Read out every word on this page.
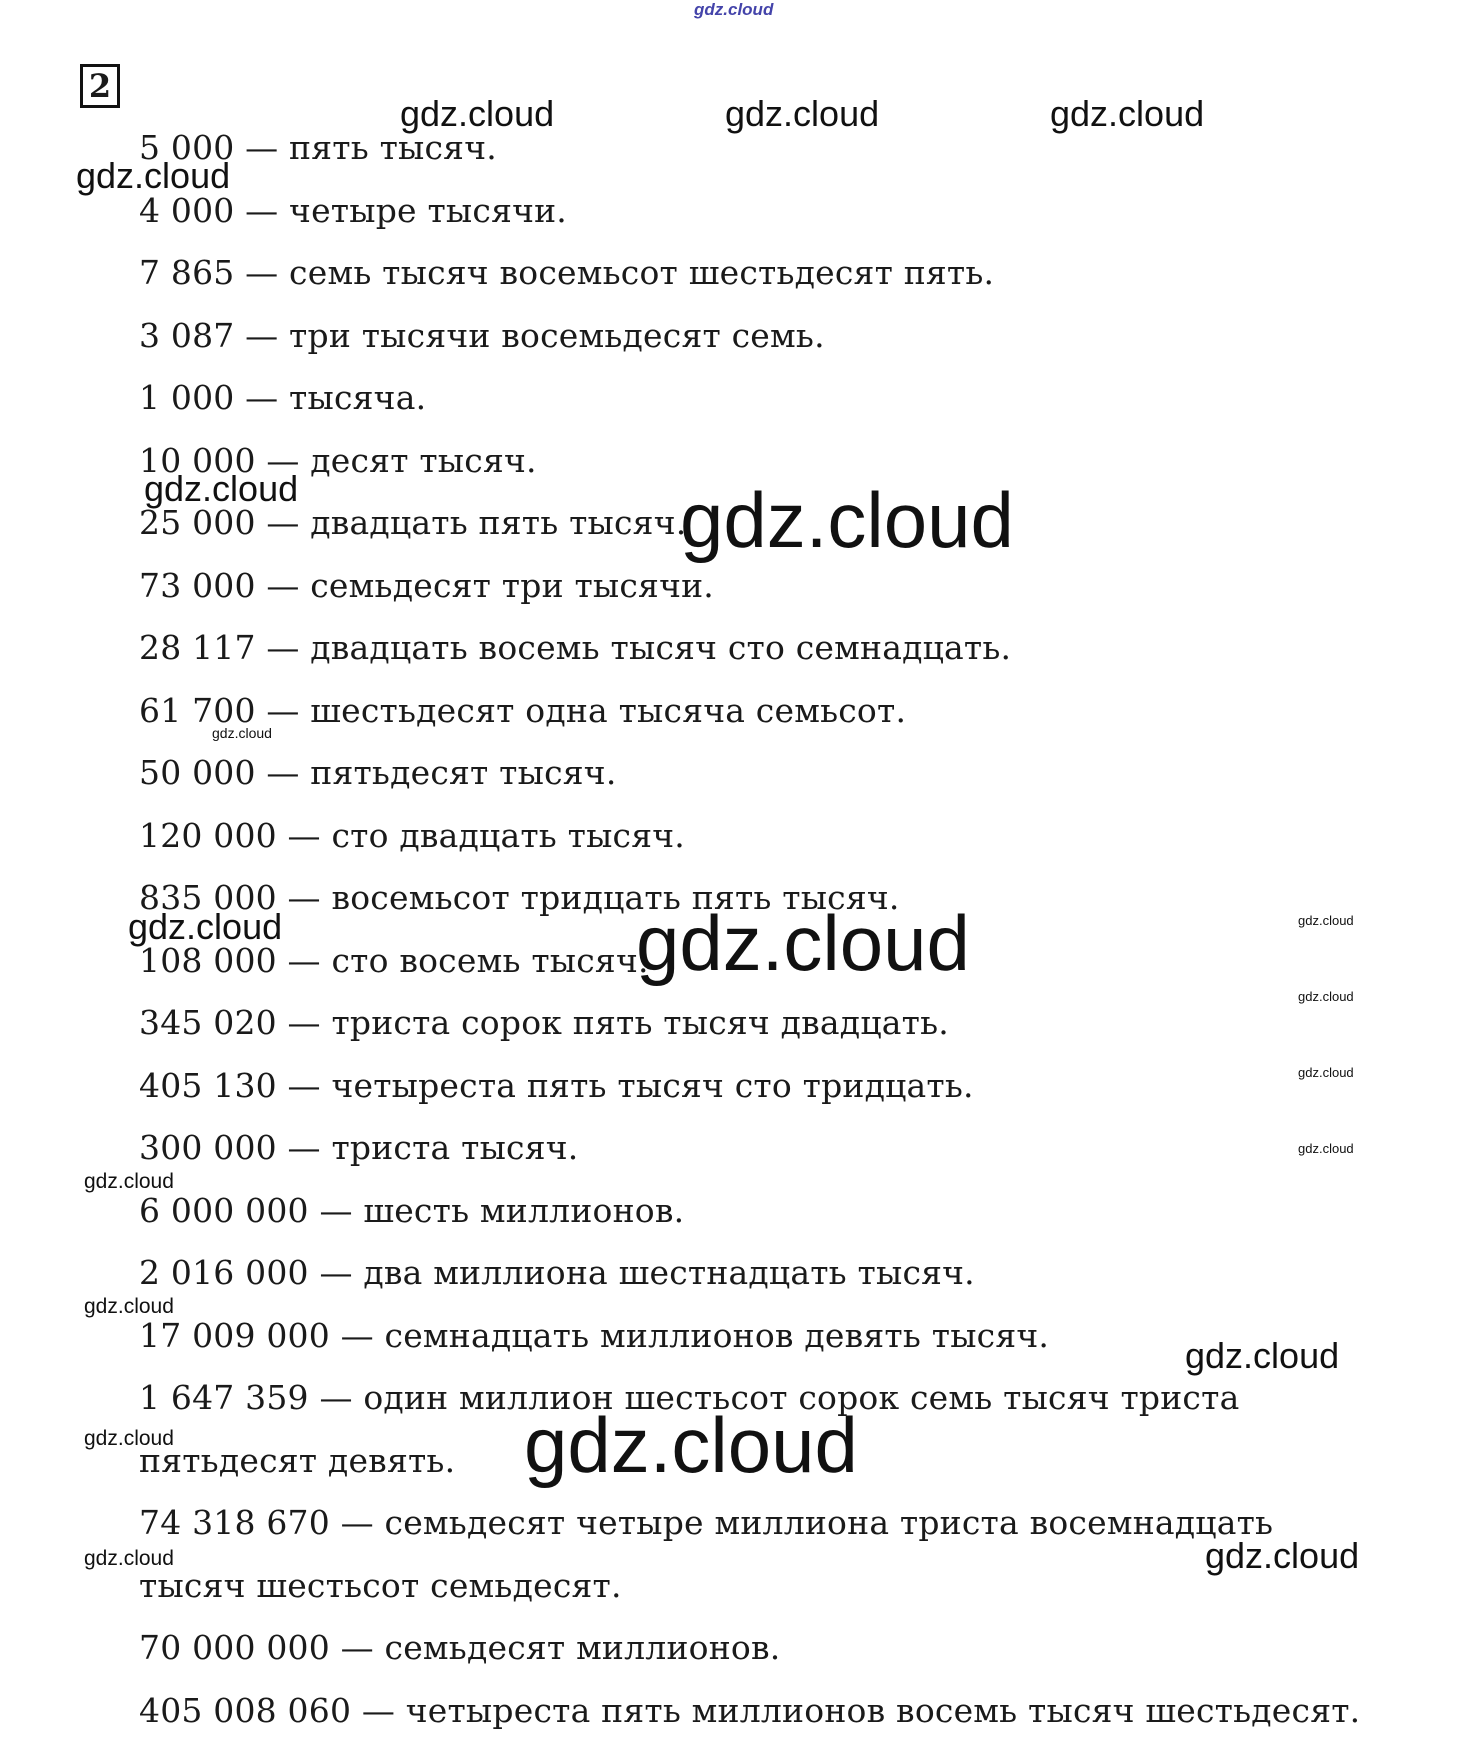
gdz.cloud
2
5 000 — пять тысяч.
4 000 — четыре тысячи.
7 865 — семь тысяч восемьсот шестьдесят пять.
3 087 — три тысячи восемьдесят семь.
1 000 — тысяча.
10 000 — десят тысяч.
25 000 — двадцать пять тысяч.
73 000 — семьдесят три тысячи.
28 117 — двадцать восемь тысяч сто семнадцать.
61 700 — шестьдесят одна тысяча семьсот.
50 000 — пятьдесят тысяч.
120 000 — сто двадцать тысяч.
835 000 — восемьсот тридцать пять тысяч.
108 000 — сто восемь тысяч.
345 020 — триста сорок пять тысяч двадцать.
405 130 — четыреста пять тысяч сто тридцать.
300 000 — триста тысяч.
6 000 000 — шесть миллионов.
2 016 000 — два миллиона шестнадцать тысяч.
17 009 000 — семнадцать миллионов девять тысяч.
1 647 359 — один миллион шестьсот сорок семь тысяч триста
пятьдесят девять.
74 318 670 — семьдесят четыре миллиона триста восемнадцать
тысяч шестьсот семьдесят.
70 000 000 — семьдесят миллионов.
405 008 060 — четыреста пять миллионов восемь тысяч шестьдесят.
gdz.cloud	gdz.cloud	gdz.cloud
gdz.cloud
gdz.cloud	gdz.cloud
gdz.cloud
gdz.cloud	gdz.cloud	gdz.cloud
gdz.cloud
gdz.cloud
gdz.cloud
gdz.cloud
gdz.cloud
gdz.cloud
gdz.cloud	gdz.cloud
gdz.cloud	gdz.cloud
